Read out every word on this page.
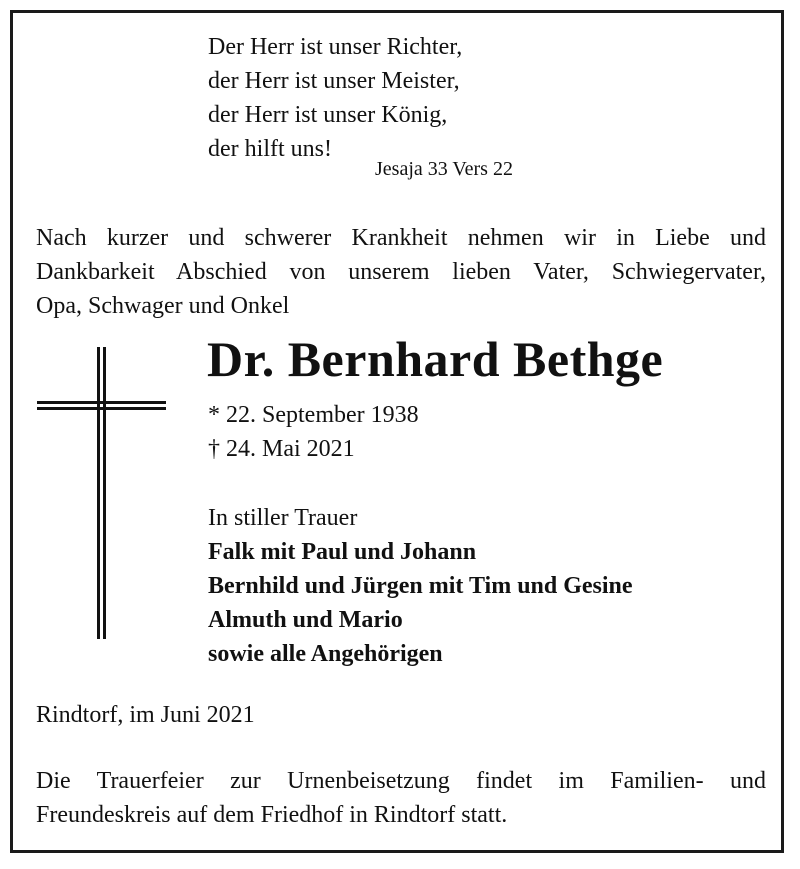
Der Herr ist unser Richter,
der Herr ist unser Meister,
der Herr ist unser König,
der hilft uns!
Jesaja 33 Vers 22
Nach kurzer und schwerer Krankheit nehmen wir in Liebe und
Dankbarkeit Abschied von unserem lieben Vater, Schwiegervater,
Opa, Schwager und Onkel
Dr. Bernhard Bethge
* 22. September 1938
† 24. Mai 2021
In stiller Trauer
Falk mit Paul und Johann
Bernhild und Jürgen mit Tim und Gesine
Almuth und Mario
sowie alle Angehörigen
Rindtorf, im Juni 2021
Die Trauerfeier zur Urnenbeisetzung findet im Familien- und
Freundeskreis auf dem Friedhof in Rindtorf statt.
